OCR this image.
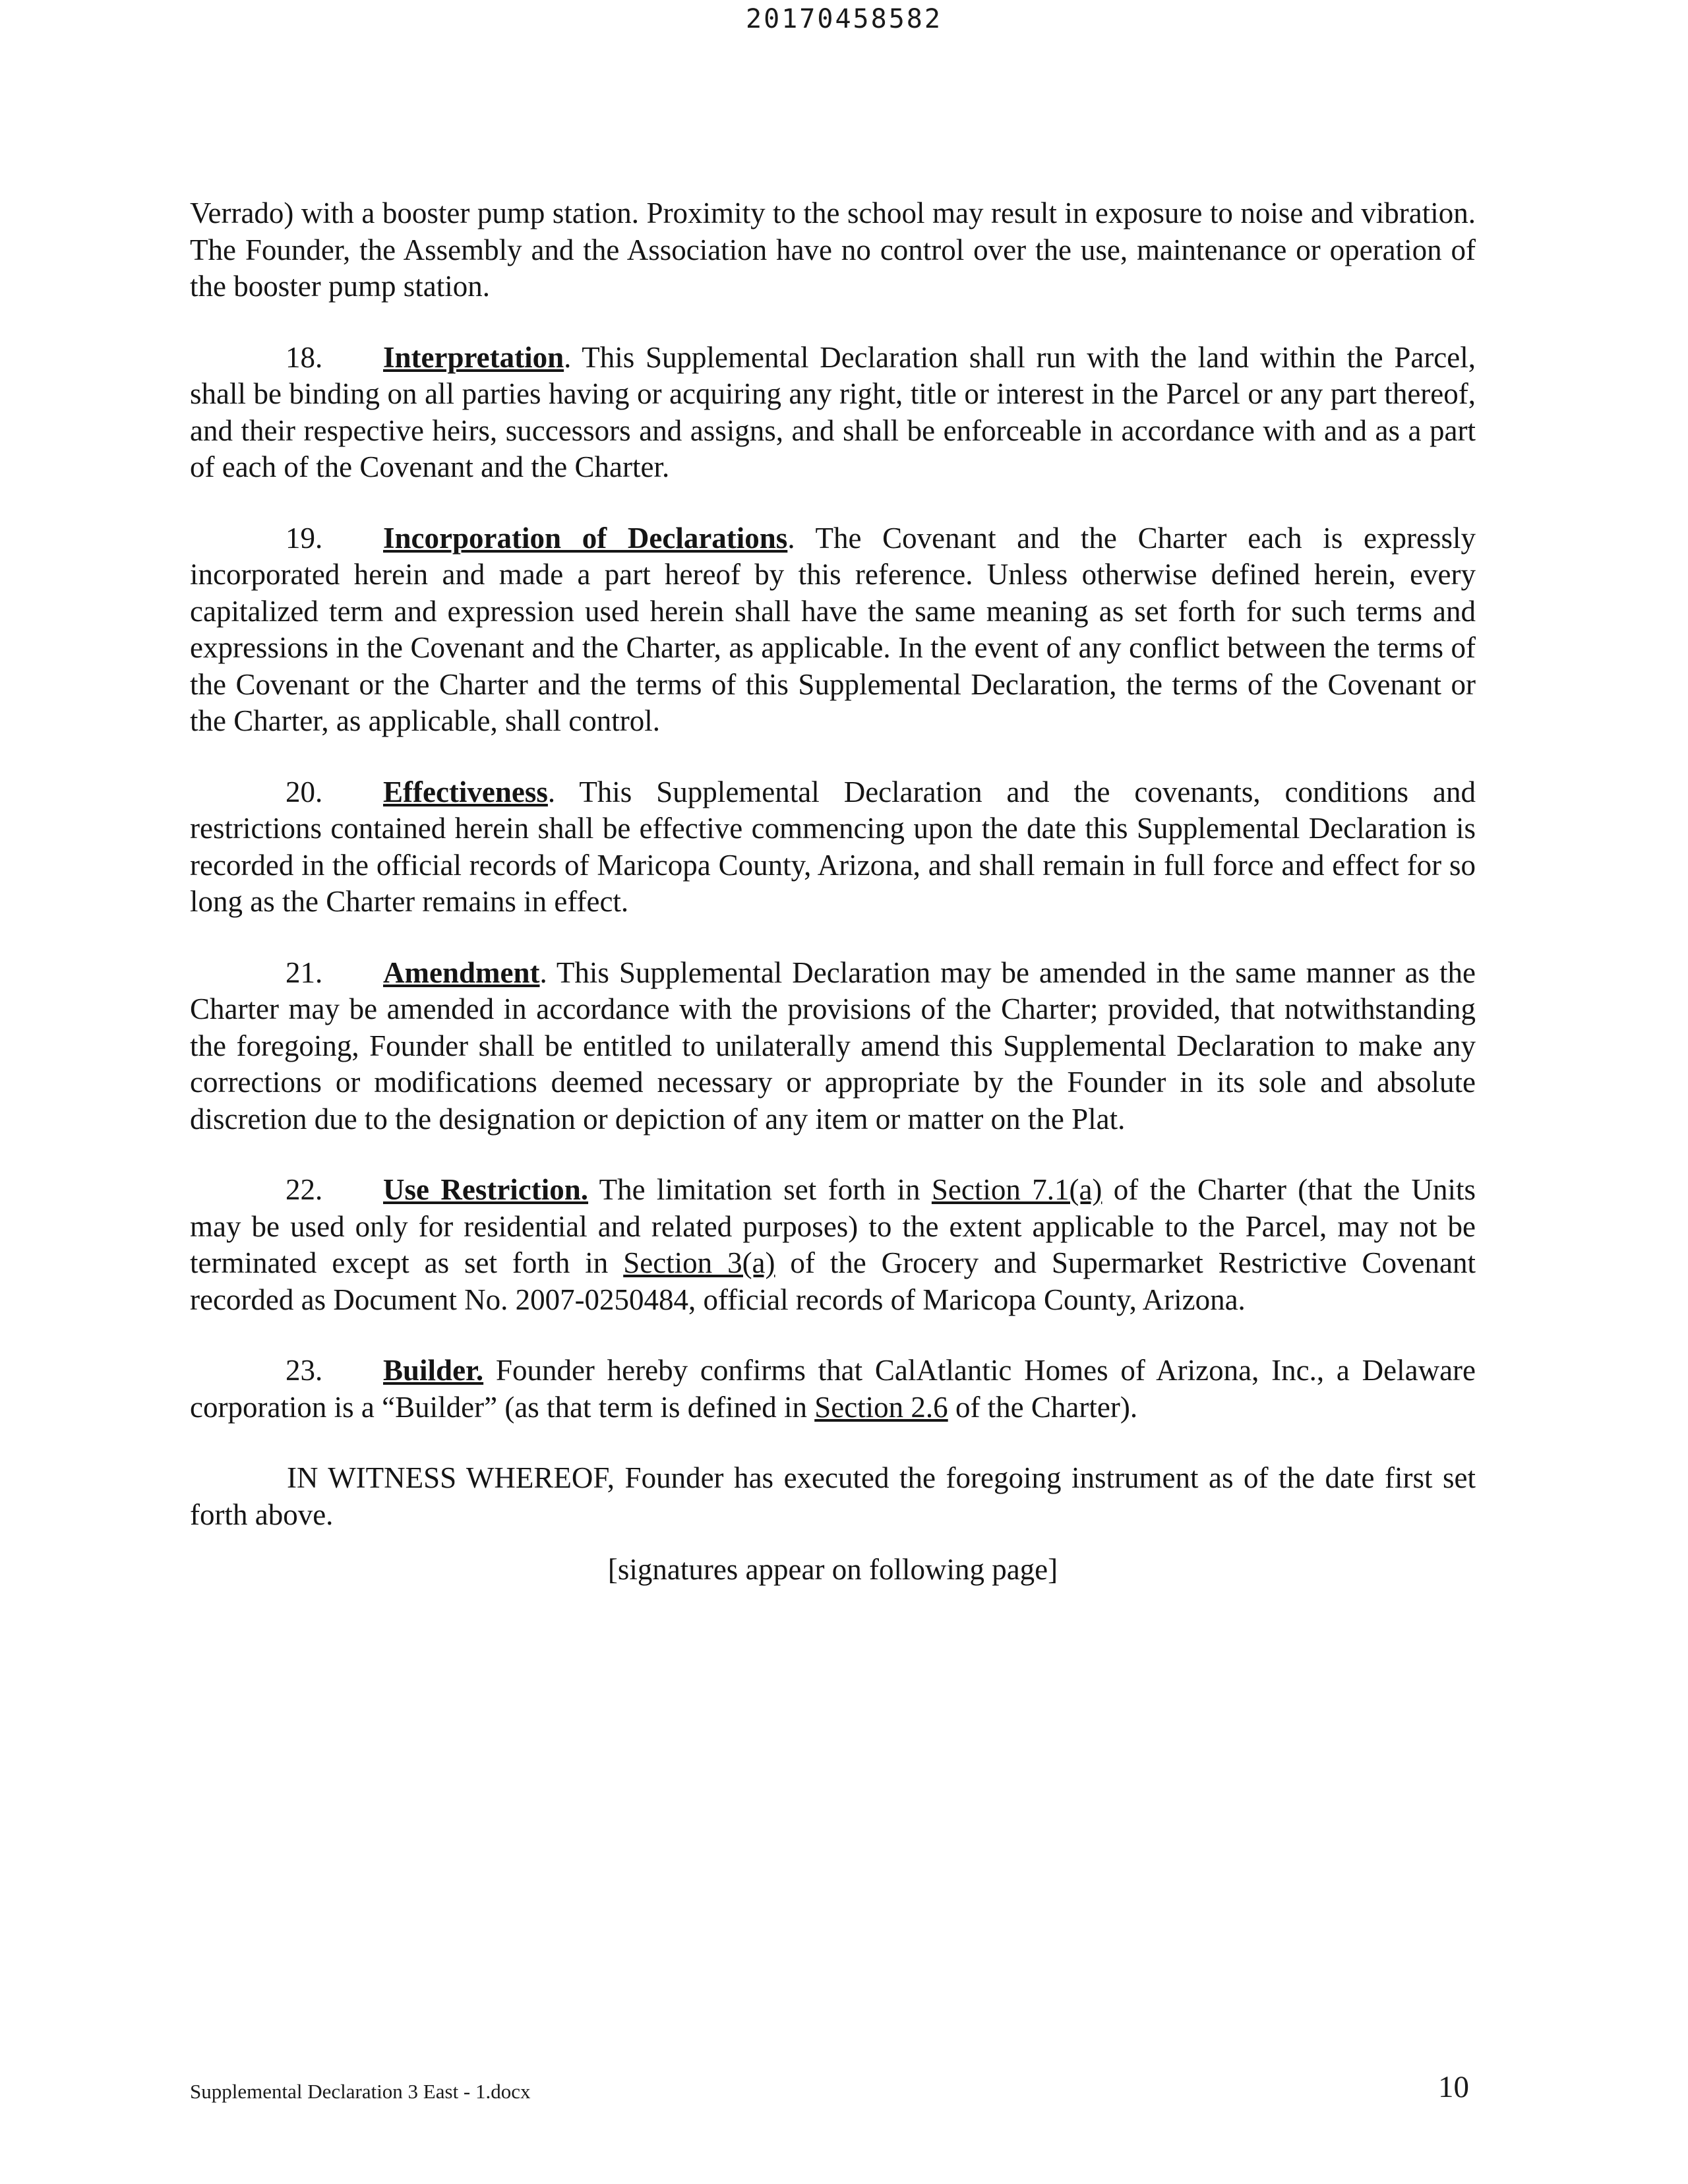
20170458582

Verrado) with a booster pump station. Proximity to the school may result in exposure to noise and vibration. The Founder, the Assembly and the Association have no control over the use, maintenance or operation of the booster pump station.

18. Interpretation. This Supplemental Declaration shall run with the land within the Parcel, shall be binding on all parties having or acquiring any right, title or interest in the Parcel or any part thereof, and their respective heirs, successors and assigns, and shall be enforceable in accordance with and as a part of each of the Covenant and the Charter.

19. Incorporation of Declarations. The Covenant and the Charter each is expressly incorporated herein and made a part hereof by this reference. Unless otherwise defined herein, every capitalized term and expression used herein shall have the same meaning as set forth for such terms and expressions in the Covenant and the Charter, as applicable. In the event of any conflict between the terms of the Covenant or the Charter and the terms of this Supplemental Declaration, the terms of the Covenant or the Charter, as applicable, shall control.

20. Effectiveness. This Supplemental Declaration and the covenants, conditions and restrictions contained herein shall be effective commencing upon the date this Supplemental Declaration is recorded in the official records of Maricopa County, Arizona, and shall remain in full force and effect for so long as the Charter remains in effect.

21. Amendment. This Supplemental Declaration may be amended in the same manner as the Charter may be amended in accordance with the provisions of the Charter; provided, that notwithstanding the foregoing, Founder shall be entitled to unilaterally amend this Supplemental Declaration to make any corrections or modifications deemed necessary or appropriate by the Founder in its sole and absolute discretion due to the designation or depiction of any item or matter on the Plat.

22. Use Restriction. The limitation set forth in Section 7.1(a) of the Charter (that the Units may be used only for residential and related purposes) to the extent applicable to the Parcel, may not be terminated except as set forth in Section 3(a) of the Grocery and Supermarket Restrictive Covenant recorded as Document No. 2007-0250484, official records of Maricopa County, Arizona.

23. Builder. Founder hereby confirms that CalAtlantic Homes of Arizona, Inc., a Delaware corporation is a “Builder” (as that term is defined in Section 2.6 of the Charter).

IN WITNESS WHEREOF, Founder has executed the foregoing instrument as of the date first set forth above.

[signatures appear on following page]

Supplemental Declaration 3 East - 1.docx	10
